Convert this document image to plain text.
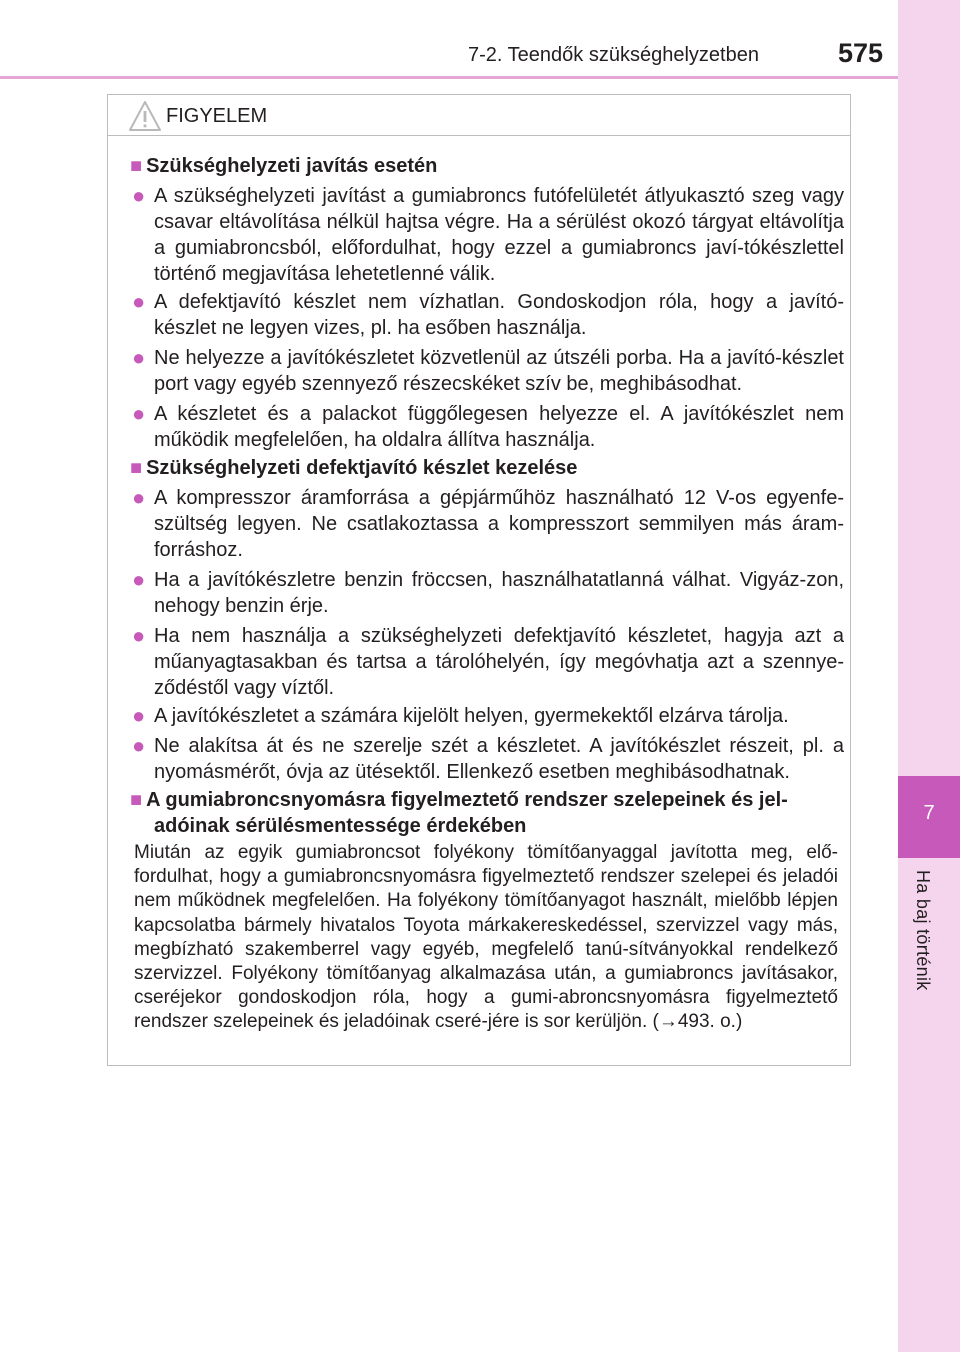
7-2. Teendők szükséghelyzetben	575
7
Ha baj történik
FIGYELEM
■ Szükséghelyzeti javítás esetén
● A szükséghelyzeti javítást a gumiabroncs futófelületét átlyukasztó szeg vagy csavar eltávolítása nélkül hajtsa végre. Ha a sérülést okozó tárgyat eltávolítja a gumiabroncsból, előfordulhat, hogy ezzel a gumiabroncs javí-tókészlettel történő megjavítása lehetetlenné válik.
● A defektjavító készlet nem vízhatlan. Gondoskodjon róla, hogy a javító-készlet ne legyen vizes, pl. ha esőben használja.
● Ne helyezze a javítókészletet közvetlenül az útszéli porba. Ha a javító-készlet port vagy egyéb szennyező részecskéket szív be, meghibásodhat.
● A készletet és a palackot függőlegesen helyezze el. A javítókészlet nem működik megfelelően, ha oldalra állítva használja.
■ Szükséghelyzeti defektjavító készlet kezelése
● A kompresszor áramforrása a gépjárműhöz használható 12 V-os egyenfe-szültség legyen. Ne csatlakoztassa a kompresszort semmilyen más áram-forráshoz.
● Ha a javítókészletre benzin fröccsen, használhatatlanná válhat. Vigyáz-zon, nehogy benzin érje.
● Ha nem használja a szükséghelyzeti defektjavító készletet, hagyja azt a műanyagtasakban és tartsa a tárolóhelyén, így megóvhatja azt a szennye-ződéstől vagy víztől.
● A javítókészletet a számára kijelölt helyen, gyermekektől elzárva tárolja.
● Ne alakítsa át és ne szerelje szét a készletet. A javítókészlet részeit, pl. a nyomásmérőt, óvja az ütésektől. Ellenkező esetben meghibásodhatnak.
■ A gumiabroncsnyomásra figyelmeztető rendszer szelepeinek és jel-
adóinak sérülésmentessége érdekében
Miután az egyik gumiabroncsot folyékony tömítőanyaggal javította meg, elő-fordulhat, hogy a gumiabroncsnyomásra figyelmeztető rendszer szelepei és jeladói nem működnek megfelelően. Ha folyékony tömítőanyagot használt, mielőbb lépjen kapcsolatba bármely hivatalos Toyota márkakereskedéssel, szervizzel vagy más, megbízható szakemberrel vagy egyéb, megfelelő tanú-sítványokkal rendelkező szervizzel. Folyékony tömítőanyag alkalmazása után, a gumiabroncs javításakor, cseréjekor gondoskodjon róla, hogy a gumi-abroncsnyomásra figyelmeztető rendszer szelepeinek és jeladóinak cseré-jére is sor kerüljön. (→493. o.)
